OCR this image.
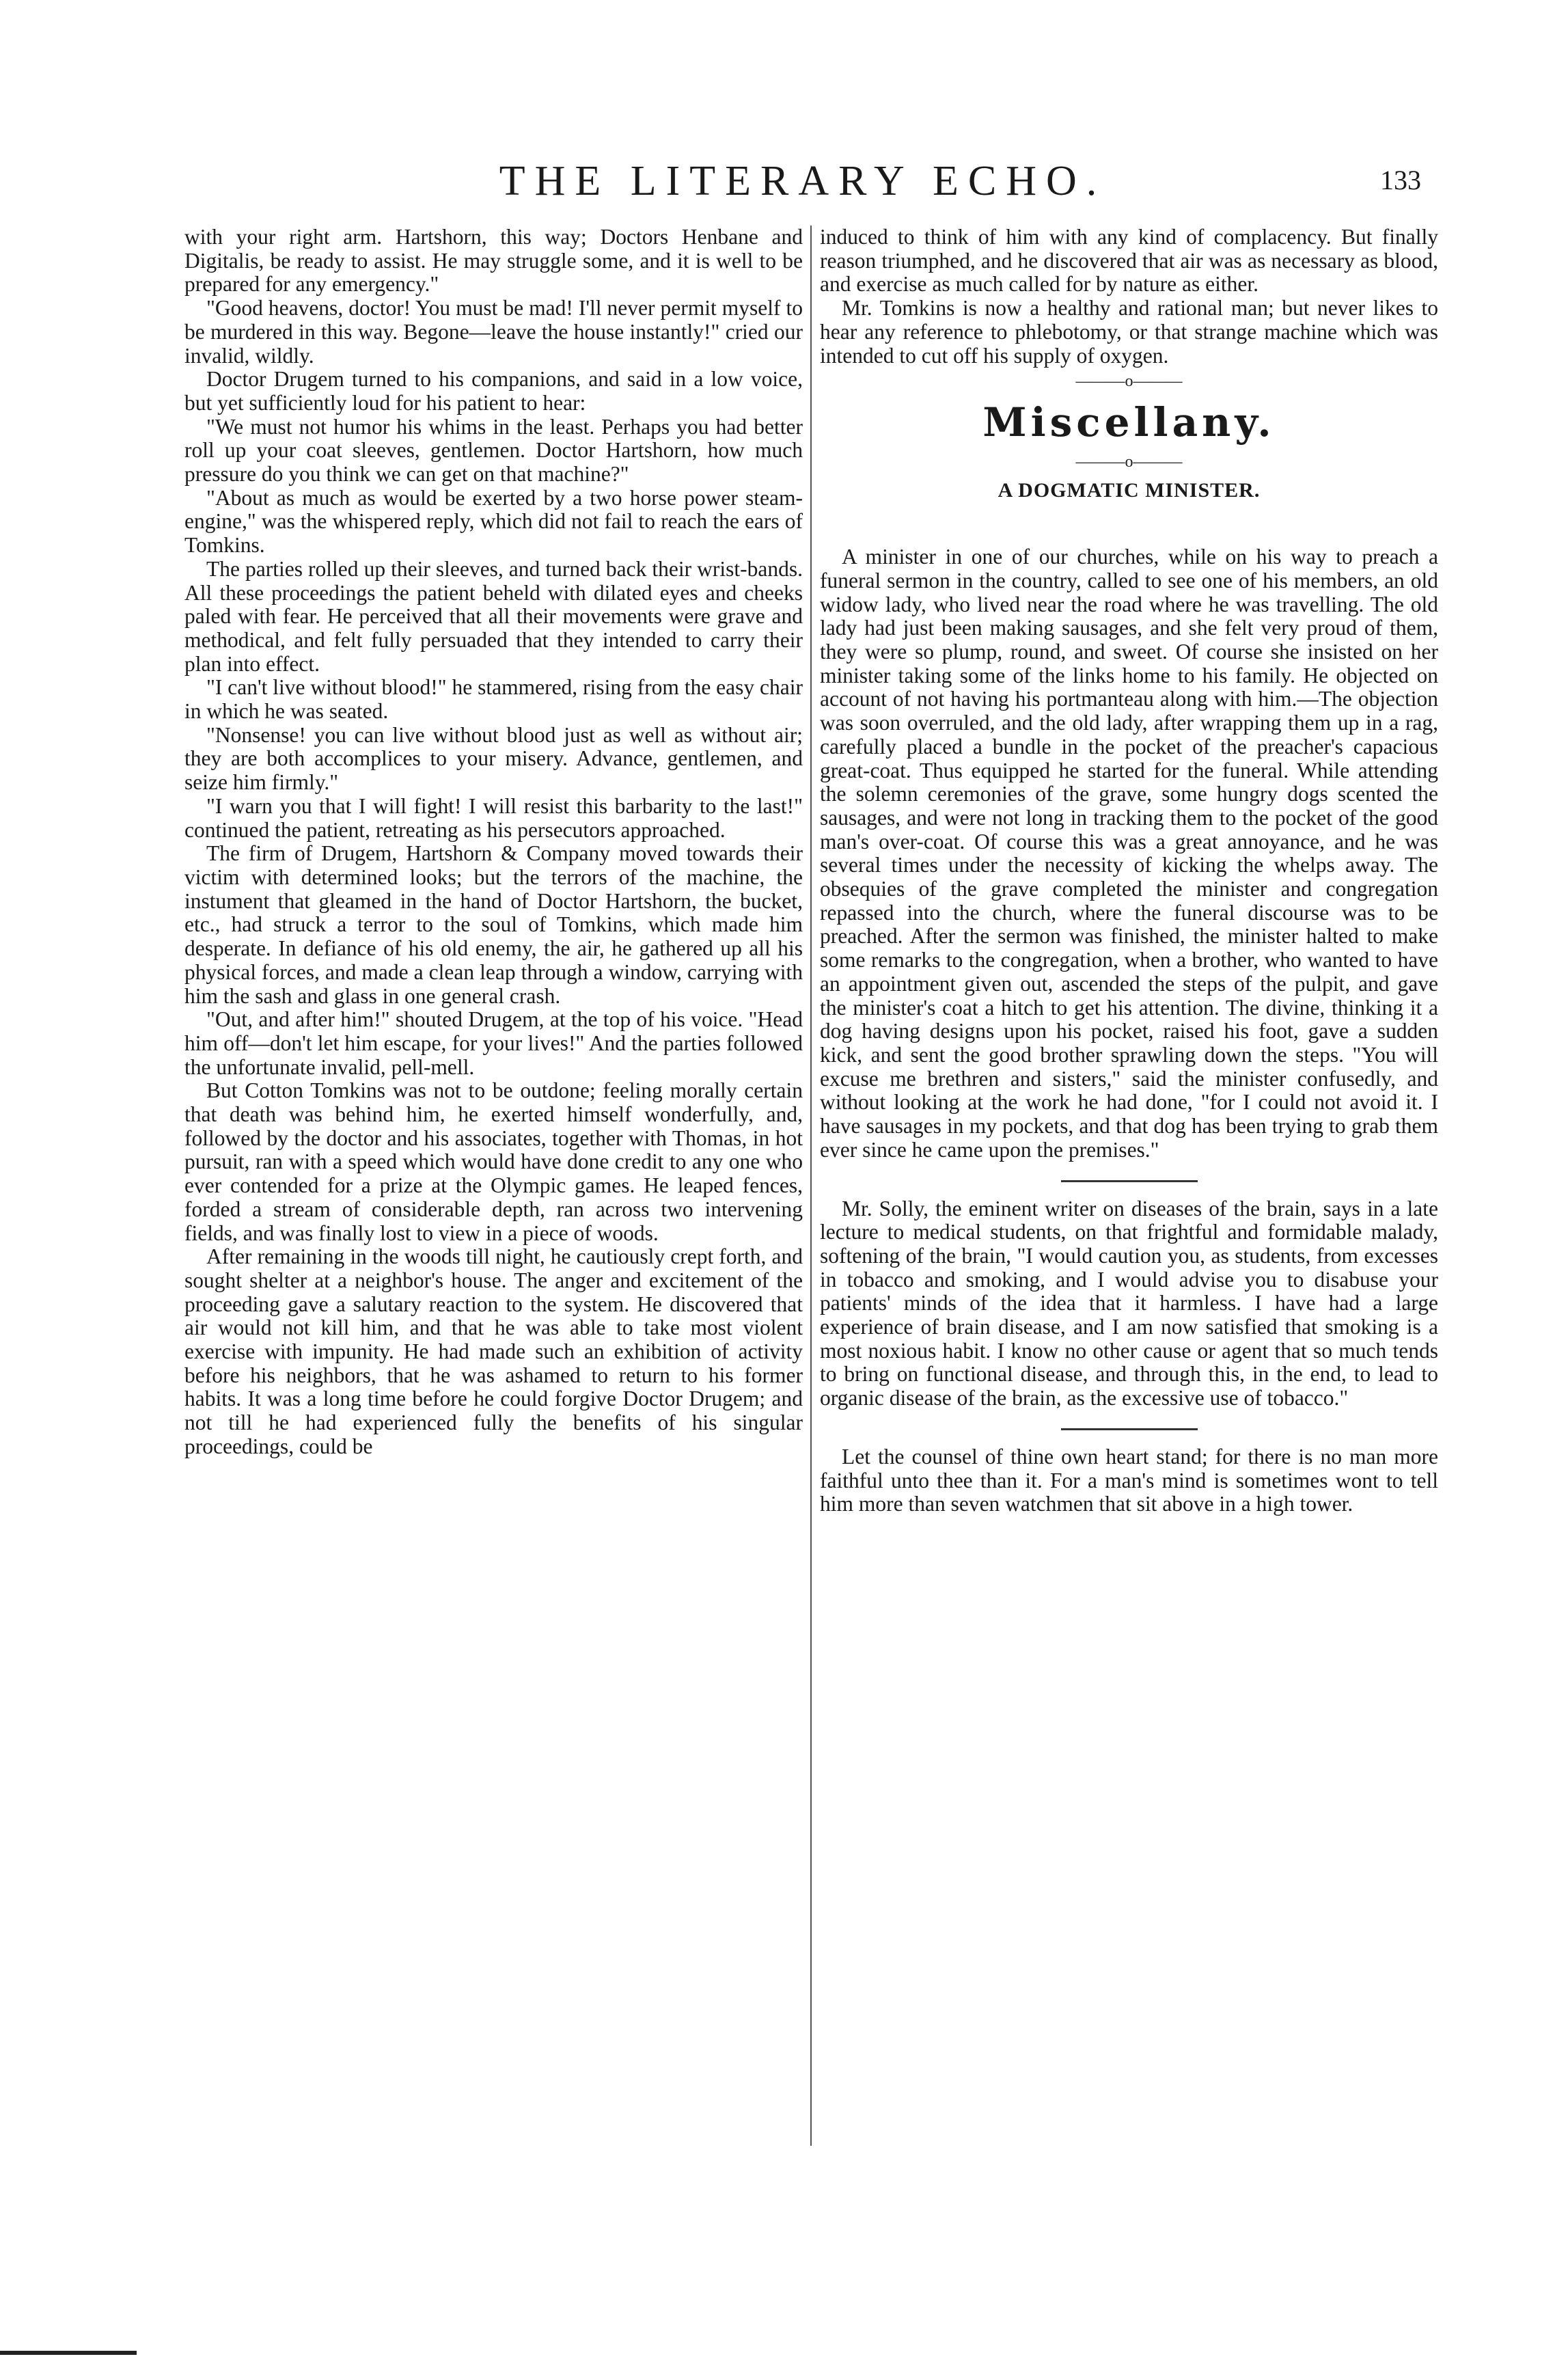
THE LITERARY ECHO.	133

with your right arm. Hartshorn, this way; Doctors Henbane and Digitalis, be ready to assist. He may struggle some, and it is well to be prepared for any emergency."

"Good heavens, doctor! You must be mad! I'll never permit myself to be murdered in this way. Begone—leave the house instantly!" cried our invalid, wildly.

Doctor Drugem turned to his companions, and said in a low voice, but yet sufficiently loud for his patient to hear:

"We must not humor his whims in the least. Perhaps you had better roll up your coat sleeves, gentlemen. Doctor Hartshorn, how much pressure do you think we can get on that machine?"

"About as much as would be exerted by a two horse power steam-engine," was the whispered reply, which did not fail to reach the ears of Tomkins.

The parties rolled up their sleeves, and turned back their wrist-bands. All these proceedings the patient beheld with dilated eyes and cheeks paled with fear. He perceived that all their movements were grave and methodical, and felt fully persuaded that they intended to carry their plan into effect.

"I can't live without blood!" he stammered, rising from the easy chair in which he was seated.

"Nonsense! you can live without blood just as well as without air; they are both accomplices to your misery. Advance, gentlemen, and seize him firmly."

"I warn you that I will fight! I will resist this barbarity to the last!" continued the patient, retreating as his persecutors approached.

The firm of Drugem, Hartshorn & Company moved towards their victim with determined looks; but the terrors of the machine, the instument that gleamed in the hand of Doctor Hartshorn, the bucket, etc., had struck a terror to the soul of Tomkins, which made him desperate. In defiance of his old enemy, the air, he gathered up all his physical forces, and made a clean leap through a window, carrying with him the sash and glass in one general crash.

"Out, and after him!" shouted Drugem, at the top of his voice. "Head him off—don't let him escape, for your lives!" And the parties followed the unfortunate invalid, pell-mell.

But Cotton Tomkins was not to be outdone; feeling morally certain that death was behind him, he exerted himself wonderfully, and, followed by the doctor and his associates, together with Thomas, in hot pursuit, ran with a speed which would have done credit to any one who ever contended for a prize at the Olympic games. He leaped fences, forded a stream of considerable depth, ran across two intervening fields, and was finally lost to view in a piece of woods.

After remaining in the woods till night, he cautiously crept forth, and sought shelter at a neighbor's house. The anger and excitement of the proceeding gave a salutary reaction to the system. He discovered that air would not kill him, and that he was able to take most violent exercise with impunity. He had made such an exhibition of activity before his neighbors, that he was ashamed to return to his former habits. It was a long time before he could forgive Doctor Drugem; and not till he had experienced fully the benefits of his singular proceedings, could be

induced to think of him with any kind of complacency. But finally reason triumphed, and he discovered that air was as necessary as blood, and exercise as much called for by nature as either.

Mr. Tomkins is now a healthy and rational man; but never likes to hear any reference to phlebotomy, or that strange machine which was intended to cut off his supply of oxygen.

———o———
Miscellany.
———o———
A DOGMATIC MINISTER.

A minister in one of our churches, while on his way to preach a funeral sermon in the country, called to see one of his members, an old widow lady, who lived near the road where he was travelling. The old lady had just been making sausages, and she felt very proud of them, they were so plump, round, and sweet. Of course she insisted on her minister taking some of the links home to his family. He objected on account of not having his portmanteau along with him.—The objection was soon overruled, and the old lady, after wrapping them up in a rag, carefully placed a bundle in the pocket of the preacher's capacious great-coat. Thus equipped he started for the funeral. While attending the solemn ceremonies of the grave, some hungry dogs scented the sausages, and were not long in tracking them to the pocket of the good man's over-coat. Of course this was a great annoyance, and he was several times under the necessity of kicking the whelps away. The obsequies of the grave completed the minister and congregation repassed into the church, where the funeral discourse was to be preached. After the sermon was finished, the minister halted to make some remarks to the congregation, when a brother, who wanted to have an appointment given out, ascended the steps of the pulpit, and gave the minister's coat a hitch to get his attention. The divine, thinking it a dog having designs upon his pocket, raised his foot, gave a sudden kick, and sent the good brother sprawling down the steps. "You will excuse me brethren and sisters," said the minister confusedly, and without looking at the work he had done, "for I could not avoid it. I have sausages in my pockets, and that dog has been trying to grab them ever since he came upon the premises."

Mr. Solly, the eminent writer on diseases of the brain, says in a late lecture to medical students, on that frightful and formidable malady, softening of the brain, "I would caution you, as students, from excesses in tobacco and smoking, and I would advise you to disabuse your patients' minds of the idea that it harmless. I have had a large experience of brain disease, and I am now satisfied that smoking is a most noxious habit. I know no other cause or agent that so much tends to bring on functional disease, and through this, in the end, to lead to organic disease of the brain, as the excessive use of tobacco."

Let the counsel of thine own heart stand; for there is no man more faithful unto thee than it. For a man's mind is sometimes wont to tell him more than seven watchmen that sit above in a high tower.
